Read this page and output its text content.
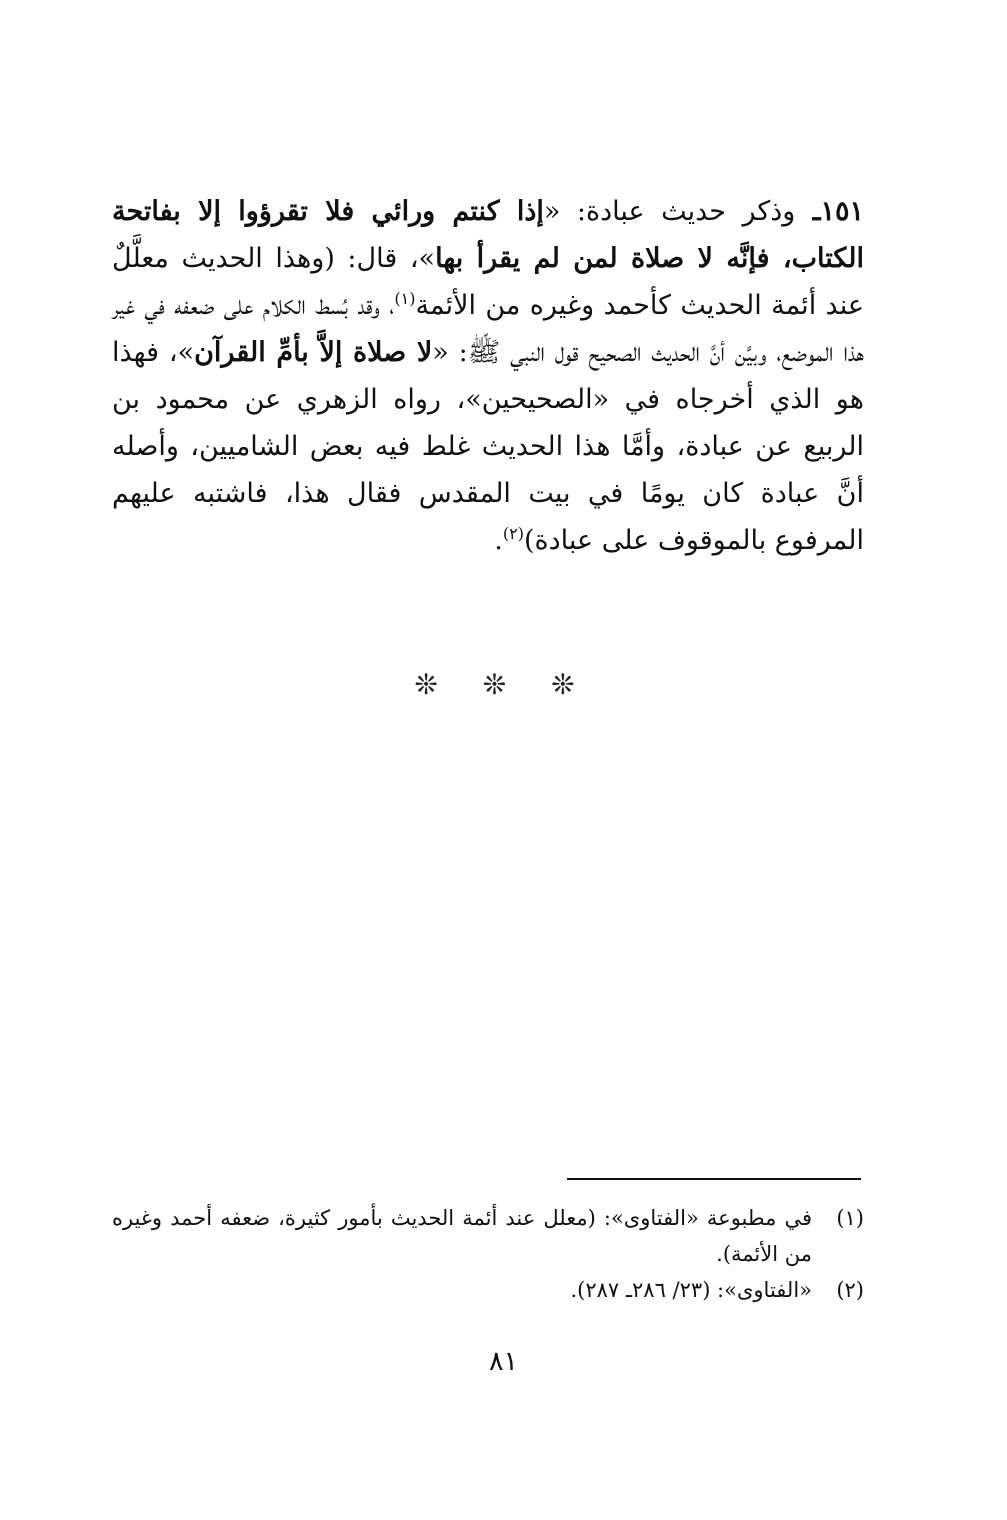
١٥١ـ وذكر حديث عبادة: «إذا كنتم ورائي فلا تقرؤوا إلا بفاتحة الكتاب، فإنَّه لا صلاة لمن لم يقرأ بها»، قال: (وهذا الحديث معلَّلٌ عند أئمة الحديث كأحمد وغيره من الأئمة$^{(١)}$، وقد بُسط الكلام على ضعفه في غير هذا الموضع، وبيَّن أنَّ الحديث الصحيح قول النبي ﷺ: «لا صلاة إلاَّ بأمِّ القرآن»، فهذا هو الذي أخرجاه في «الصحيحين»، رواه الزهري عن محمود بن الربيع عن عبادة، وأمَّا هذا الحديث غلط فيه بعض الشاميين، وأصله أنَّ عبادة كان يومًا في بيت المقدس فقال هذا، فاشتبه عليهم المرفوع بالموقوف على عبادة)$^{(٢)}$.
❊ ❊ ❊
(١)
في مطبوعة «الفتاوى»: (معلل عند أئمة الحديث بأمور كثيرة، ضعفه أحمد وغيره من الأئمة).
(٢)
«الفتاوى»: (٢٣/ ٢٨٦ـ ٢٨٧).
٨١
